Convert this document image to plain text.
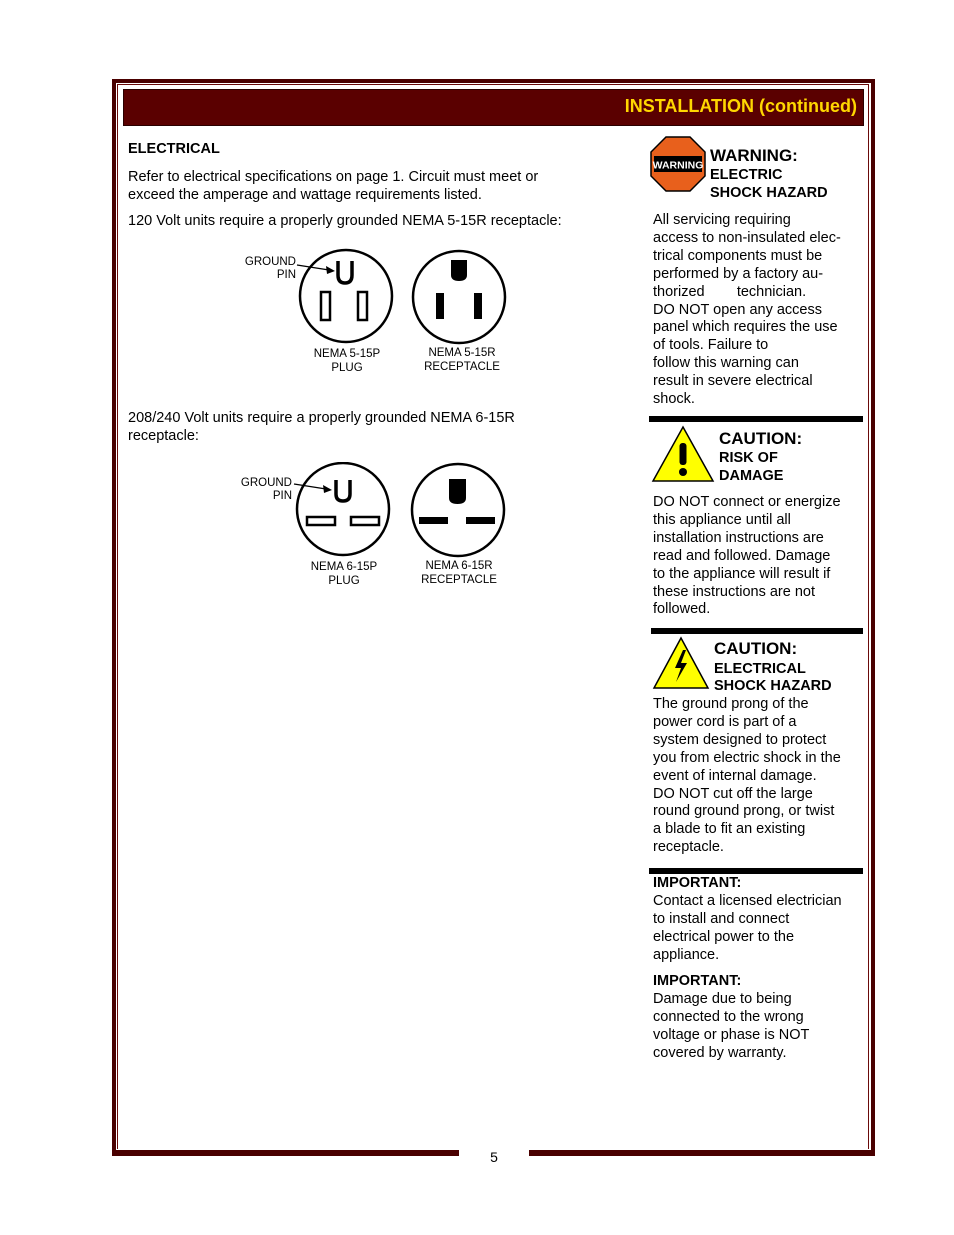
5
INSTALLATION (continued)
ELECTRICAL
Refer to electrical specifications on page 1. Circuit must meet or
exceed the amperage and wattage requirements listed.
120 Volt units require a properly grounded NEMA 5-15R receptacle:
GROUND
PIN
NEMA 5-15P
PLUG
NEMA 5-15R
RECEPTACLE
208/240 Volt units require a properly grounded NEMA 6-15R
receptacle:
GROUND
PIN
NEMA 6-15P
PLUG
NEMA 6-15R
RECEPTACLE
WARNING
WARNING:
ELECTRIC
SHOCK HAZARD
All servicing requiring
access to non-insulated elec-
trical components must be
performed by a factory au-
thorized        technician.
DO NOT open any access
panel which requires the use
of tools. Failure to
follow this warning can
result in severe electrical
shock.
CAUTION:
RISK OF
DAMAGE
DO NOT connect or energize
this appliance until all
installation instructions are
read and followed. Damage
to the appliance will result if
these instructions are not
followed.
CAUTION:
ELECTRICAL
SHOCK HAZARD
The ground prong of the
power cord is part of a
system designed to protect
you from electric shock in the
event of internal damage.
DO NOT cut off the large
round ground prong, or twist
a blade to fit an existing
receptacle.
IMPORTANT:
Contact a licensed electrician
to install and connect
electrical power to the
appliance.
IMPORTANT:
Damage due to being
connected to the wrong
voltage or phase is NOT
covered by warranty.
